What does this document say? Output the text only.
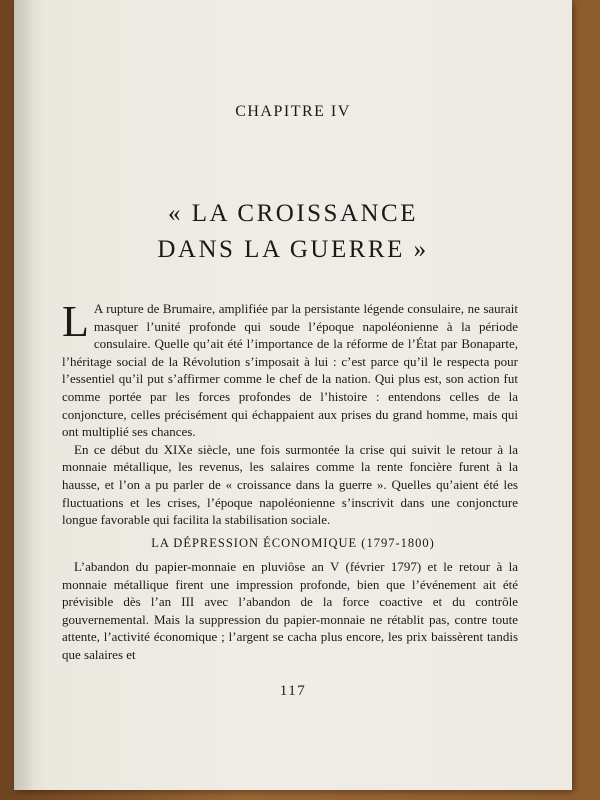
CHAPITRE IV
« LA CROISSANCE
DANS LA GUERRE »
L A rupture de Brumaire, amplifiée par la persistante légende consulaire, ne saurait masquer l’unité profonde qui soude l’époque napoléonienne à la période consulaire. Quelle qu’ait été l’importance de la réforme de l’État par Bonaparte, l’héritage social de la Révolution s’imposait à lui : c’est parce qu’il le respecta pour l’essentiel qu’il put s’affirmer comme le chef de la nation. Qui plus est, son action fut comme portée par les forces profondes de l’histoire : entendons celles de la conjoncture, celles précisément qui échappaient aux prises du grand homme, mais qui ont multiplié ses chances.

En ce début du XIXe siècle, une fois surmontée la crise qui suivit le retour à la monnaie métallique, les revenus, les salaires comme la rente foncière furent à la hausse, et l’on a pu parler de « croissance dans la guerre ». Quelles qu’aient été les fluctuations et les crises, l’époque napoléonienne s’inscrivit dans une conjoncture longue favorable qui facilita la stabilisation sociale.

LA DÉPRESSION ÉCONOMIQUE (1797-1800)

L’abandon du papier-monnaie en pluviôse an V (février 1797) et le retour à la monnaie métallique firent une impression profonde, bien que l’événement ait été prévisible dès l’an III avec l’abandon de la force coactive et du contrôle gouvernemental. Mais la suppression du papier-monnaie ne rétablit pas, contre toute attente, l’activité économique ; l’argent se cacha plus encore, les prix baissèrent tandis que salaires et

117
